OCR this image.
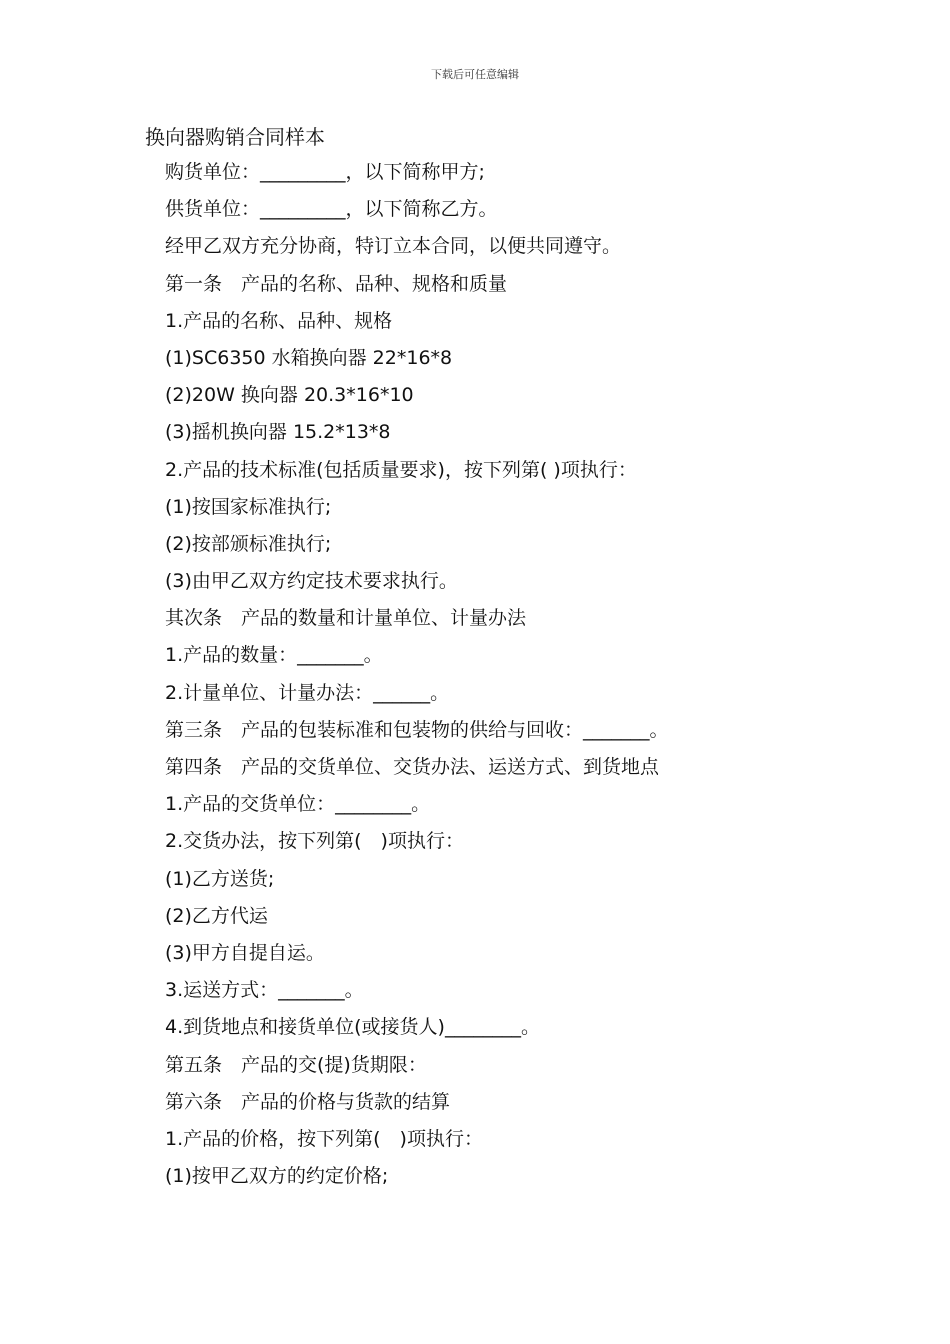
下载后可任意编辑
换向器购销合同样本
购货单位：_________，以下简称甲方;
供货单位：_________，以下简称乙方。
经甲乙双方充分协商，特订立本合同，以便共同遵守。
第一条　产品的名称、品种、规格和质量
1.产品的名称、品种、规格
(1)SC6350 水箱换向器 22*16*8
(2)20W 换向器 20.3*16*10
(3)摇机换向器 15.2*13*8
2.产品的技术标准(包括质量要求)，按下列第( )项执行：
(1)按国家标准执行;
(2)按部颁标准执行;
(3)由甲乙双方约定技术要求执行。
其次条　产品的数量和计量单位、计量办法
1.产品的数量：_______。
2.计量单位、计量办法：______。
第三条　产品的包装标准和包装物的供给与回收：_______。
第四条　产品的交货单位、交货办法、运送方式、到货地点
1.产品的交货单位：________。
2.交货办法，按下列第(　)项执行：
(1)乙方送货;
(2)乙方代运
(3)甲方自提自运。
3.运送方式：_______。
4.到货地点和接货单位(或接货人)________。
第五条　产品的交(提)货期限：
第六条　产品的价格与货款的结算
1.产品的价格，按下列第(　)项执行：
(1)按甲乙双方的约定价格;
